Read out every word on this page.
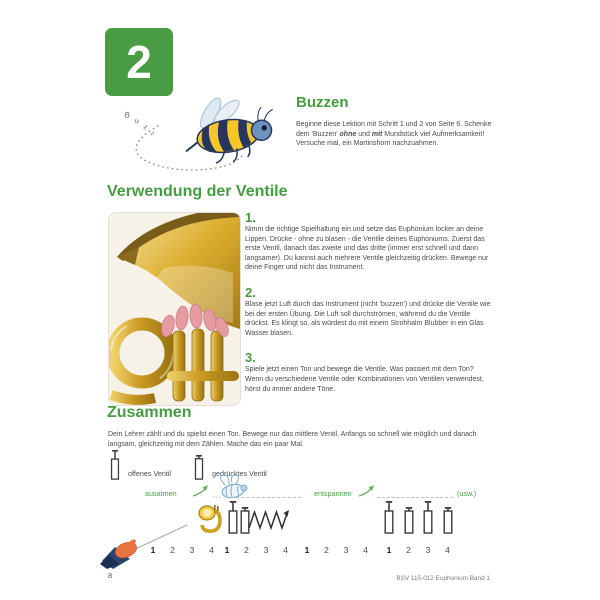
2
B
u
z
z
Buzzen

Beginne diese Lektion mit Schritt 1 und 2 von Seite 6. Schenke dem 'Buzzen' ohne und mit Mundstück viel Aufmerksamkeit! Versuche mal, ein Martinshorn nachzuahmen.

Verwendung der Ventile
1.
Nimm die richtige Spielhaltung ein und setze das Euphonium locker an deine Lippen. Drücke - ohne zu blasen - die Ventile deines Euphoniums. Zuerst das erste Ventil, danach das zweite und das dritte (immer erst schnell und dann langsamer). Du kannst auch mehrere Ventile gleichzeitig drücken. Bewege nur deine Finger und nicht das Instrument.
2.
Blase jetzt Luft durch das Instrument (nicht 'buzzen') und drücke die Ventile wie bei der ersten Übung. Die Luft soll durchströmen, während du die Ventile drückst. Es klingt so, als würdest du mit einem Strohhalm Blubber in ein Glas Wasser blasen.
3.
Spiele jetzt einen Ton und bewege die Ventile. Was passiert mit dem Ton? Wenn du verschiedene Ventile oder Kombinationen von Ventilen verwendest, hörst du immer andere Töne.
Zusammen

Dein Lehrer zählt und du spielst einen Ton. Bewege nur das mittlere Ventil. Anfangs so schnell wie möglich und danach langsam, gleichzeitig mit dem Zählen. Mache das ein paar Mal.

offenes Ventil	gedrücktes Ventil
ausatmen	entspannen	(usw.)
1	2	3	4	1	2	3	4	1	2	3	4	1	2	3	4
8	BSV 115-012 Euphonium Band 1
